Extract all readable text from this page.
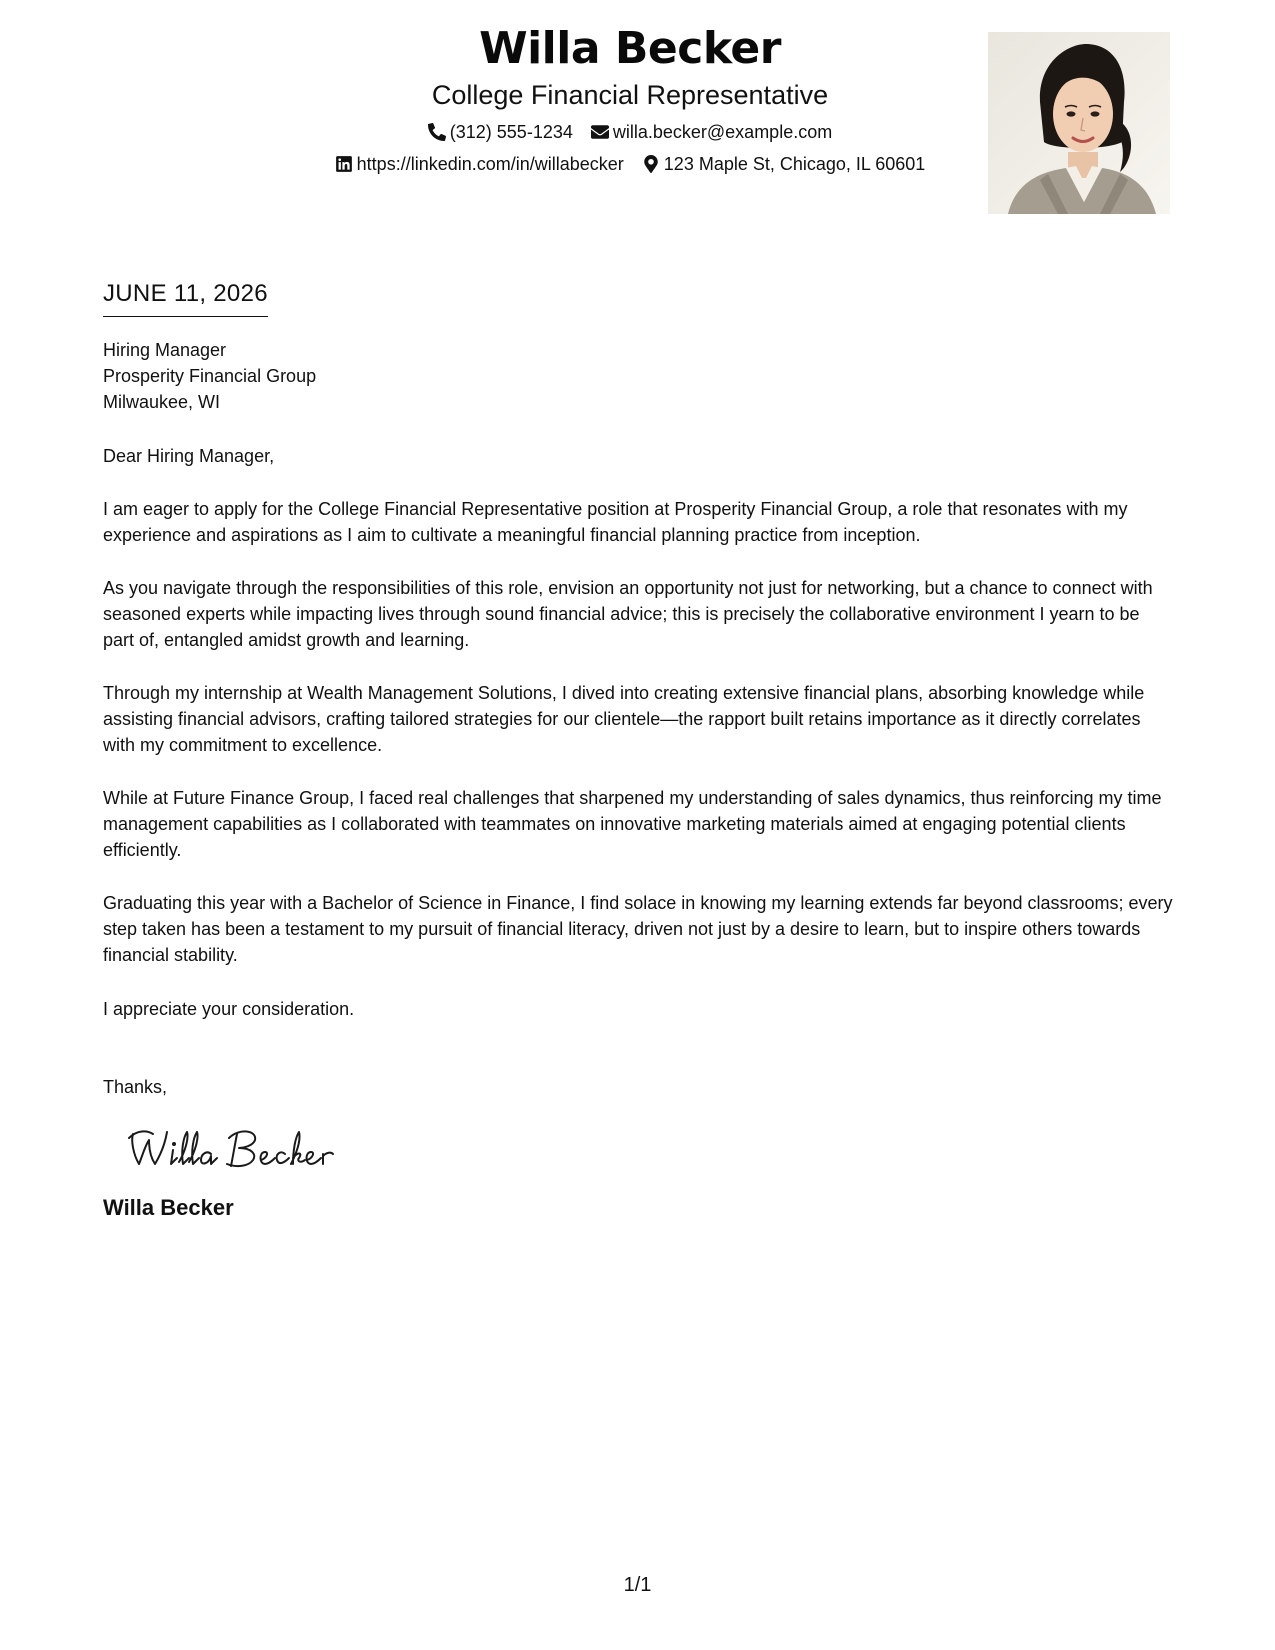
Willa Becker
College Financial Representative
(312) 555-1234 willa.becker@example.com
https://linkedin.com/in/willabecker 123 Maple St, Chicago, IL 60601
JUNE 11, 2026
Hiring Manager
Prosperity Financial Group
Milwaukee, WI
Dear Hiring Manager,

I am eager to apply for the College Financial Representative position at Prosperity Financial Group, a role that resonates with my experience and aspirations as I aim to cultivate a meaningful financial planning practice from inception.

As you navigate through the responsibilities of this role, envision an opportunity not just for networking, but a chance to connect with seasoned experts while impacting lives through sound financial advice; this is precisely the collaborative environment I yearn to be part of, entangled amidst growth and learning.

Through my internship at Wealth Management Solutions, I dived into creating extensive financial plans, absorbing knowledge while assisting financial advisors, crafting tailored strategies for our clientele—the rapport built retains importance as it directly correlates with my commitment to excellence.

While at Future Finance Group, I faced real challenges that sharpened my understanding of sales dynamics, thus reinforcing my time management capabilities as I collaborated with teammates on innovative marketing materials aimed at engaging potential clients efficiently.

Graduating this year with a Bachelor of Science in Finance, I find solace in knowing my learning extends far beyond classrooms; every step taken has been a testament to my pursuit of financial literacy, driven not just by a desire to learn, but to inspire others towards financial stability.

I appreciate your consideration.
Thanks,
Willa Becker
1/1
